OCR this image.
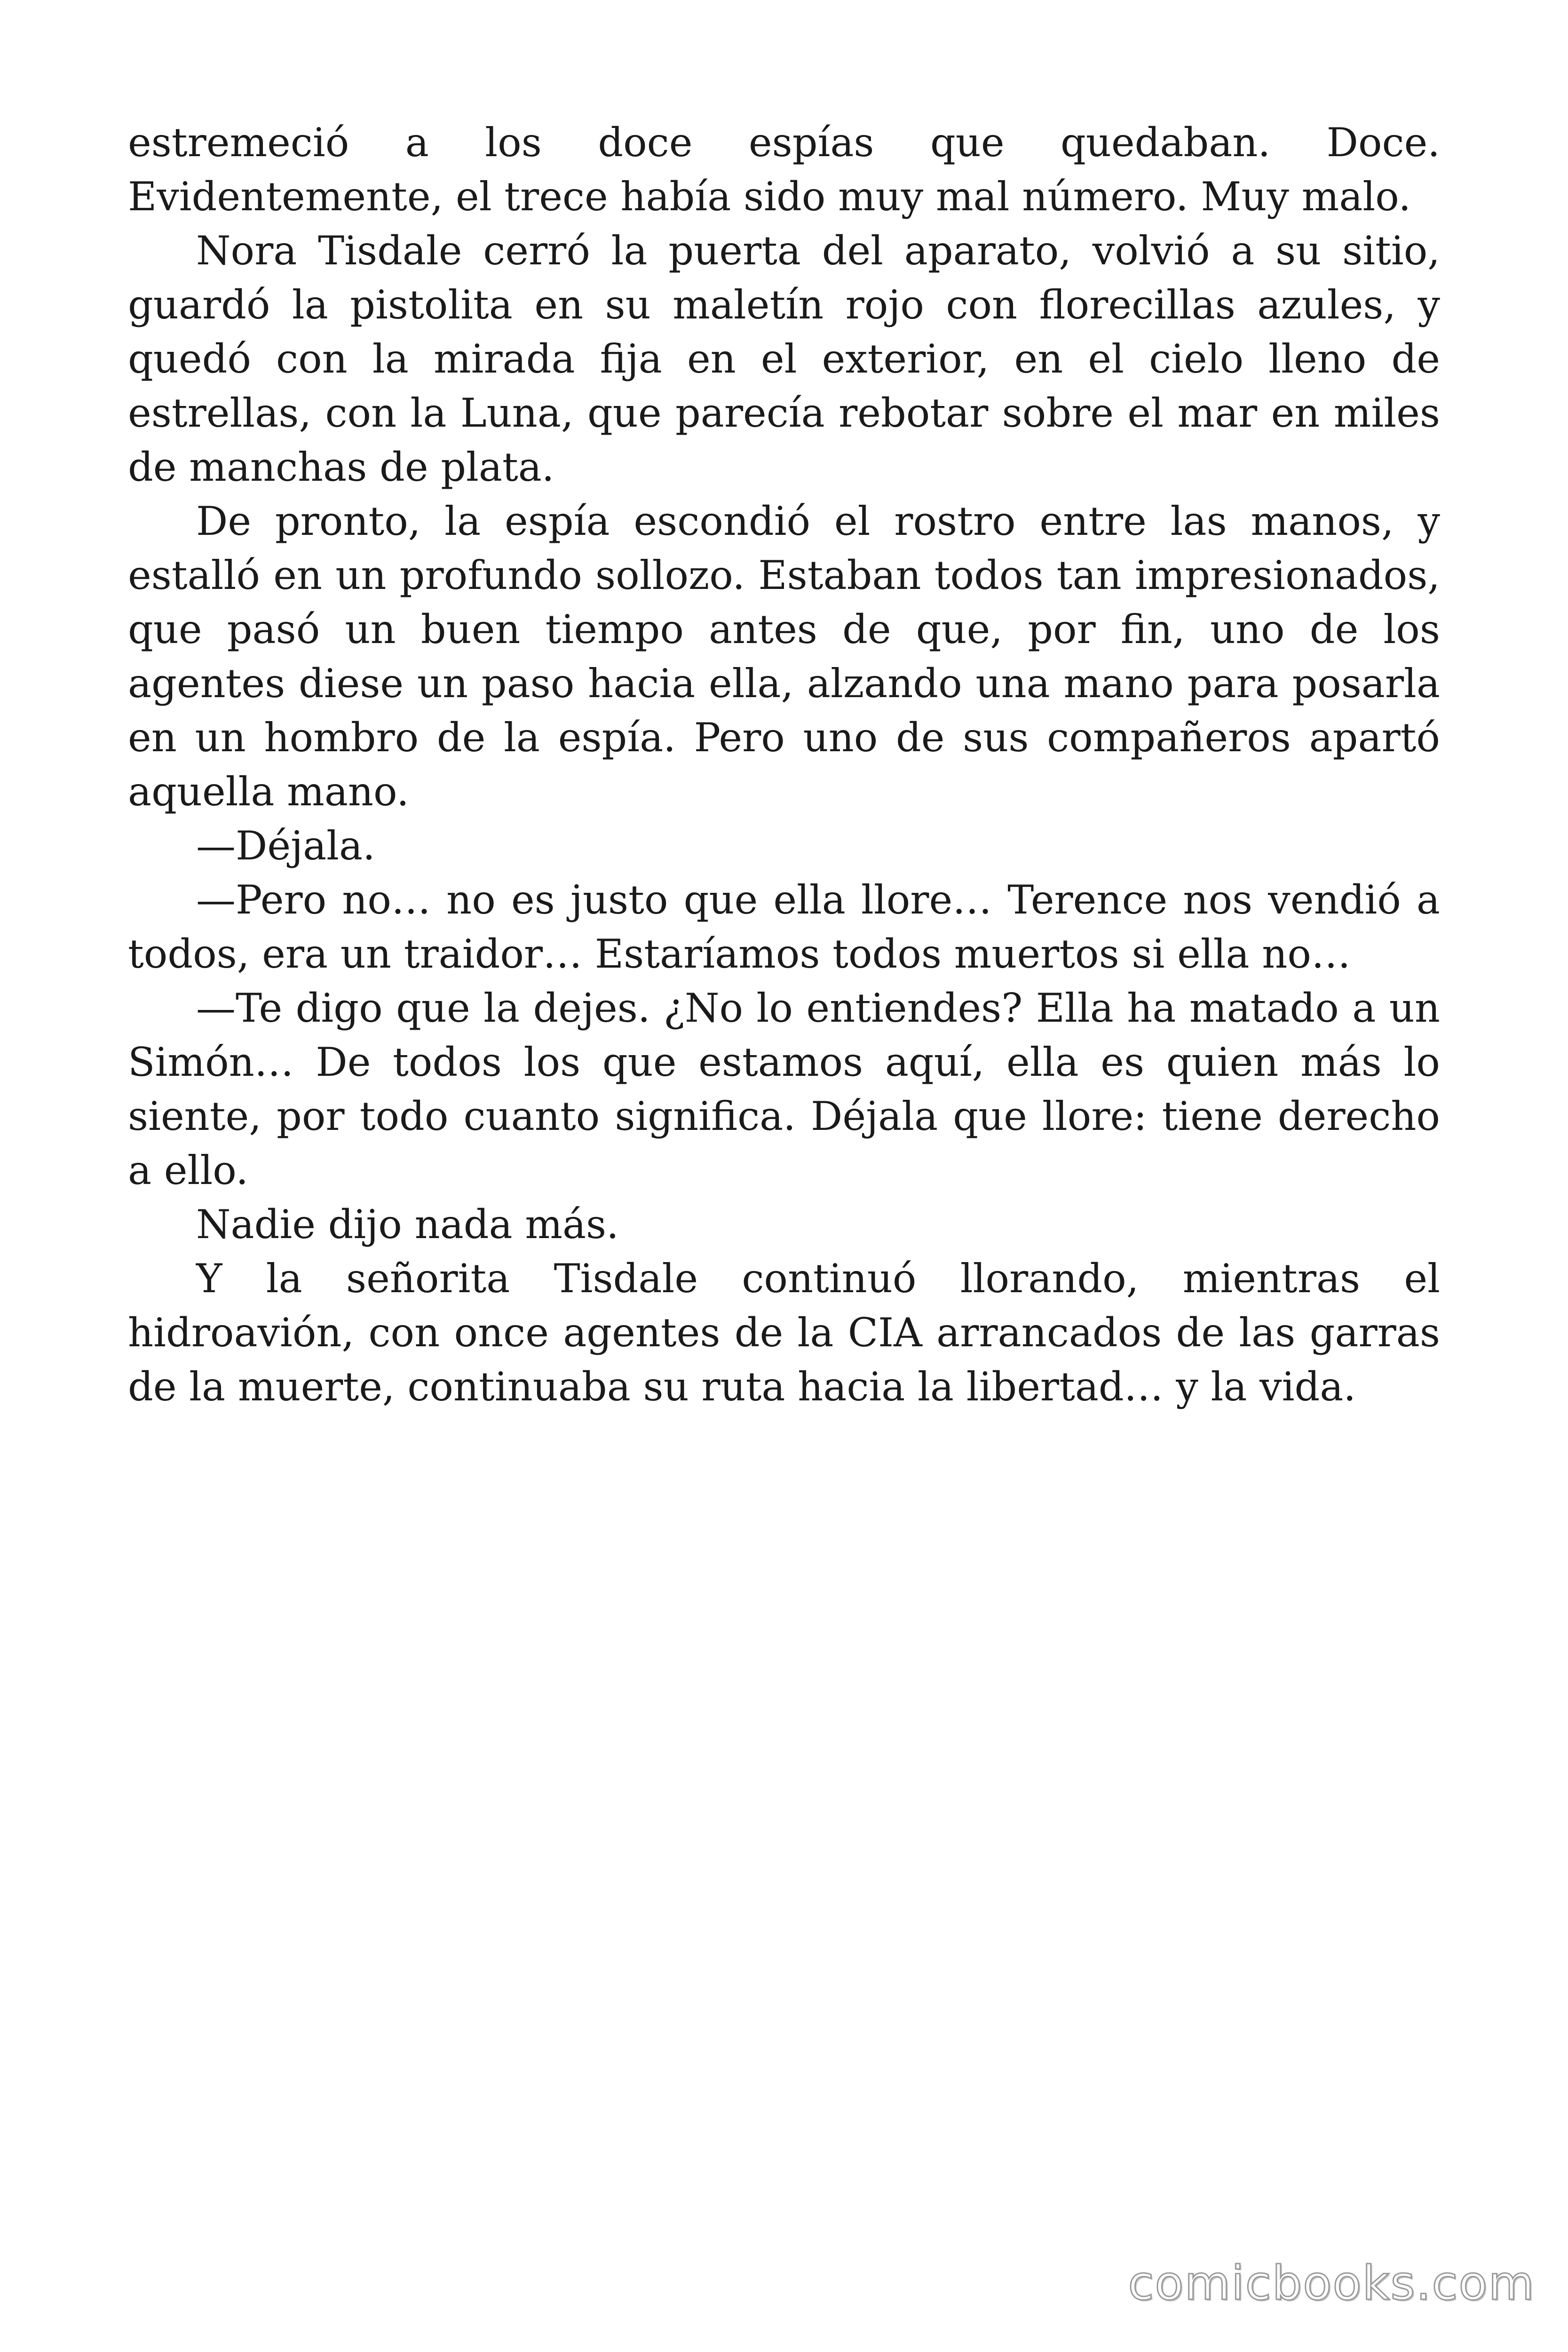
estremeció a los doce espías que quedaban. Doce. Evidentemente, el trece había sido muy mal número. Muy malo.

Nora Tisdale cerró la puerta del aparato, volvió a su sitio, guardó la pistolita en su maletín rojo con florecillas azules, y quedó con la mirada fija en el exterior, en el cielo lleno de estrellas, con la Luna, que parecía rebotar sobre el mar en miles de manchas de plata.

De pronto, la espía escondió el rostro entre las manos, y estalló en un profundo sollozo. Estaban todos tan impresionados, que pasó un buen tiempo antes de que, por fin, uno de los agentes diese un paso hacia ella, alzando una mano para posarla en un hombro de la espía. Pero uno de sus compañeros apartó aquella mano.

—Déjala.

—Pero no… no es justo que ella llore… Terence nos vendió a todos, era un traidor… Estaríamos todos muertos si ella no…

—Te digo que la dejes. ¿No lo entiendes? Ella ha matado a un Simón… De todos los que estamos aquí, ella es quien más lo siente, por todo cuanto significa. Déjala que llore: tiene derecho a ello.

Nadie dijo nada más.

Y la señorita Tisdale continuó llorando, mientras el hidroavión, con once agentes de la CIA arrancados de las garras de la muerte, continuaba su ruta hacia la libertad… y la vida.

comicbooks.com
